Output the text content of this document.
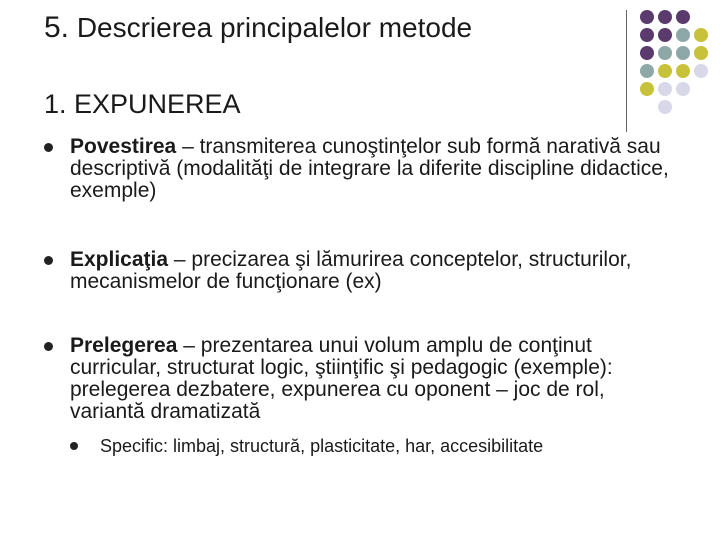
5. Descrierea principalelor metode
1. EXPUNEREA
Povestirea – transmiterea cunoştinţelor sub formă narativă sau descriptivă (modalităţi de integrare la diferite discipline didactice, exemple)
Explicaţia – precizarea şi lămurirea conceptelor, structurilor, mecanismelor de funcţionare (ex)
Prelegerea – prezentarea unui volum amplu de conţinut curricular, structurat logic, ştiinţific şi pedagogic (exemple): prelegerea dezbatere, expunerea cu oponent – joc de rol, variantă dramatizată
Specific: limbaj, structură, plasticitate, har, accesibilitate
